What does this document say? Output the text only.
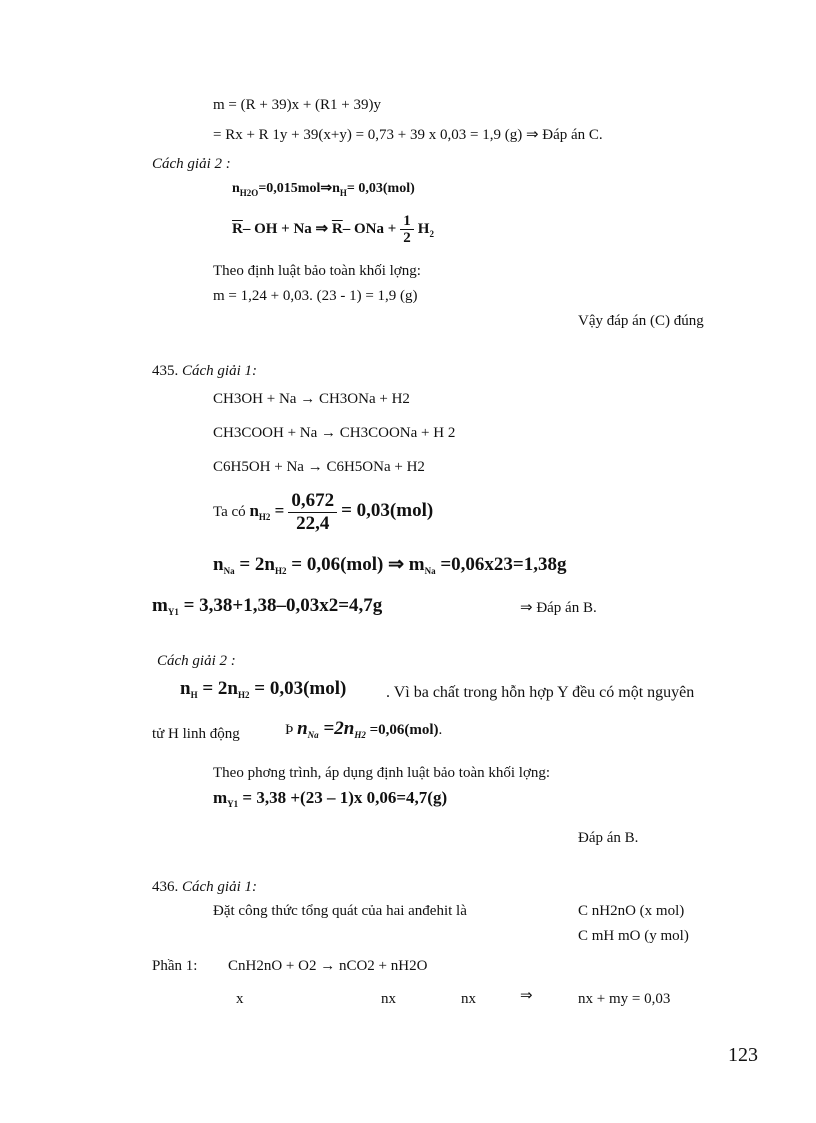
m = (R + 39)x + (R1 + 39)y
= Rx + R 1y + 39(x+y) = 0,73 + 39 x 0,03 = 1,9 (g) ⇒ Đáp án C.
Cách giải 2 :
$n_{H2O}=0,015mol\Rightarrow n_H= 0,03(mol)$
$\overline{R}-$ OH + Na ⇒ $\overline{R}-$ ONa + $\frac{1}{2} H_2$
Theo định luật bảo toàn khối lợng:
m = 1,24 + 0,03. (23 - 1) = 1,9 (g)
Vậy đáp án (C) đúng
435. Cách giải 1:
CH3OH + Na → CH3ONa + H2
CH3COOH + Na → CH3COONa + H 2
C6H5OH + Na → C6H5ONa + H2
Ta có $n_{H2} = \frac{0,672}{22,4} = 0,03(mol)$
$n_{Na} = 2n_{H2} = 0,06(mol)$ ⇒ $m_{Na} =0,06x23=1,38g$
$m_{Y1} = 3,38+1,38-0,03x2=4,7g$	⇒ Đáp án B.
Cách giải 2 :
$n_H = 2n_{H2} = 0,03(mol)$ . Vì ba chất trong hỗn hợp Y đều có một nguyên
tử H linh động	Þ $n_{Na} =2n_{H2} =0,06(mol)$.
Theo phơng trình, áp dụng định luật bảo toàn khối lợng:
$m_{Y1} = 3,38 +(23 - 1)x$ 0,06=4,7(g)
Đáp án B.
436. Cách giải 1:
Đặt công thức tổng quát của hai anđehit là	C nH2nO (x mol)
C mH mO (y mol)
Phần 1: CnH2nO + O2 → nCO2 + nH2O
x	nx	nx	⇒	nx + my = 0,03
123
